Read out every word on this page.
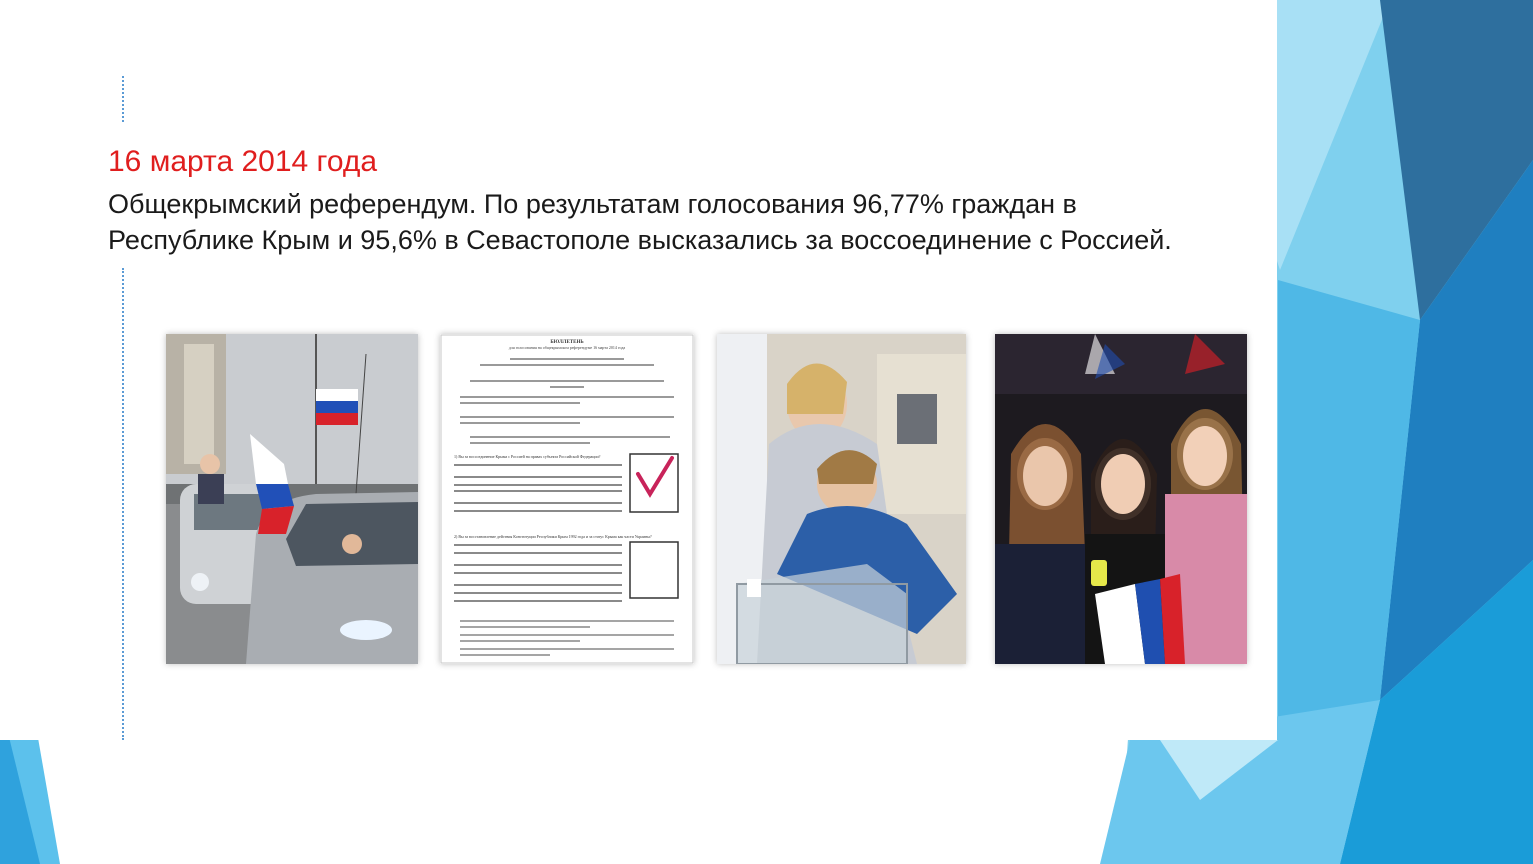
16 марта 2014 года
Общекрымский референдум. По результатам голосования 96,77% граждан в Республике Крым и 95,6% в Севастополе высказались за воссоединение с Россией.
БЮЛЛЕТЕНЬ
для голосования на общекрымском референдуме 16 марта 2014 года
1) Вы за воссоединение Крыма с Россией на правах субъекта Российской Федерации?
2) Вы за восстановление действия Конституции Республики Крым 1992 года и за статус Крыма как части Украины?
